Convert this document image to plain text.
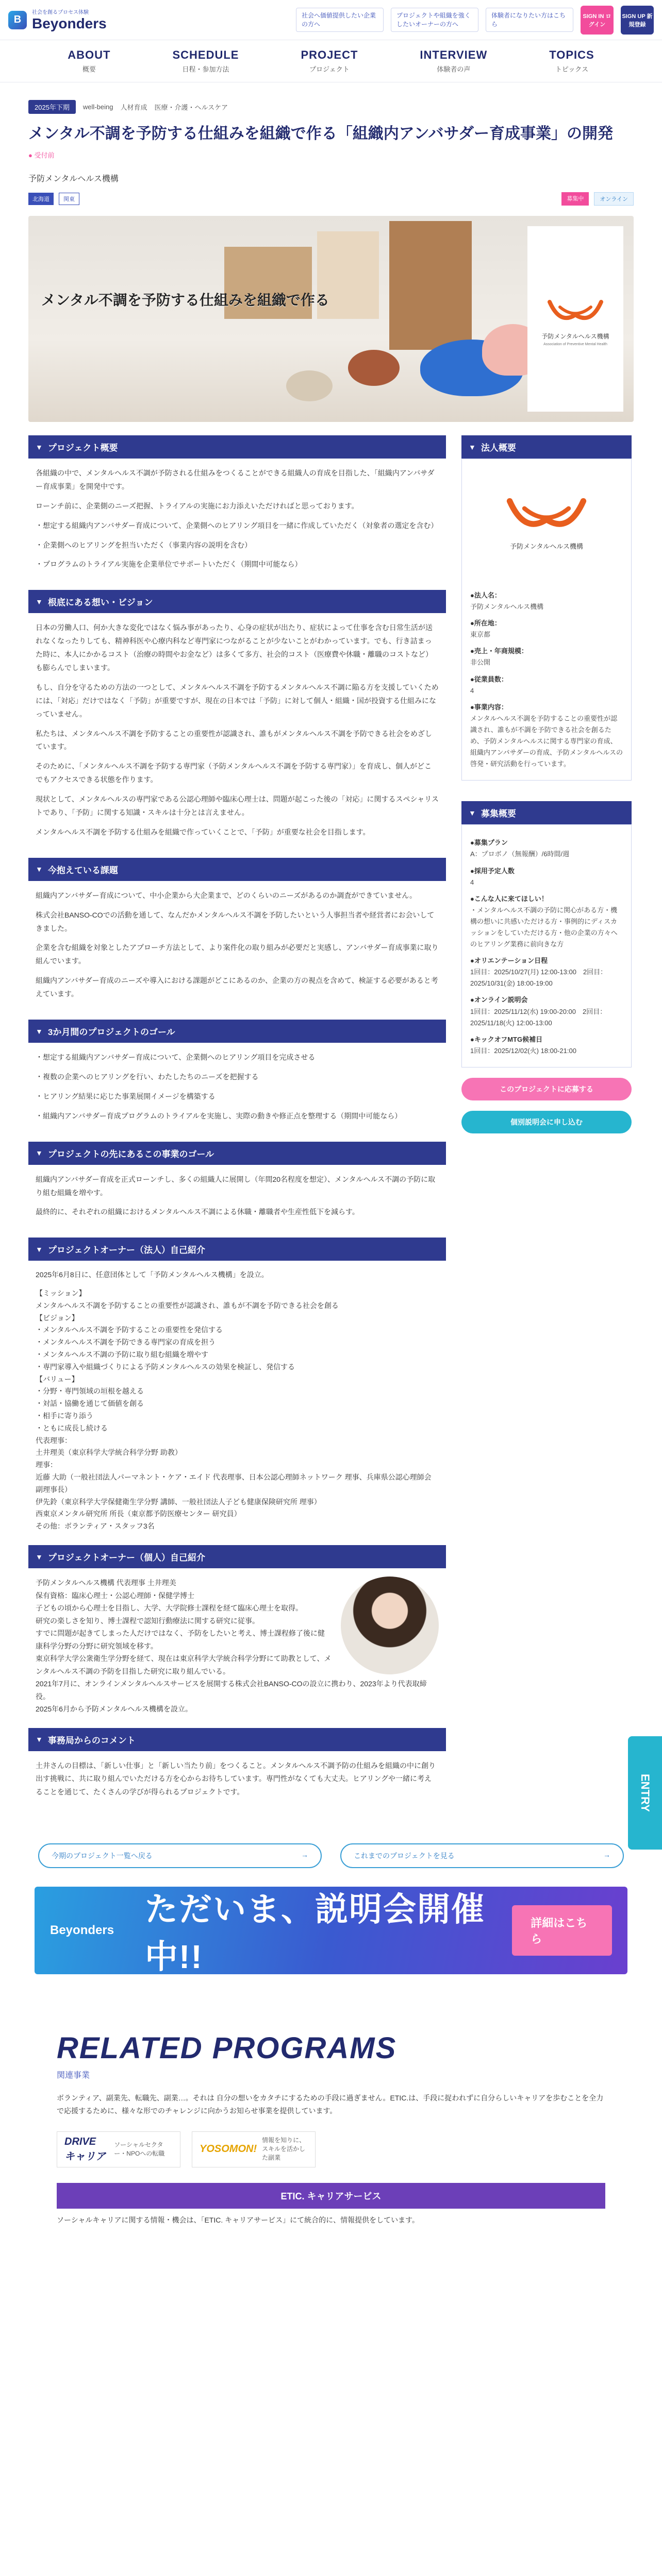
B
社会を創るプロセス体験
Beyonders	社会へ価値提供したい企業の方へ
プロジェクトや組織を強くしたいオーナーの方へ
体験者になりたい方はこちら
SIGN IN ログイン
SIGN UP 新規登録
ABOUT
概要
SCHEDULE
日程・参加方法
PROJECT
プロジェクト
INTERVIEW
体験者の声
TOPICS
トピックス
2025年下期	well-being 人材育成 医療・介護・ヘルスケア
メンタル不調を予防する仕組みを組織で作る「組織内アンバサダー育成事業」の開発
● 受付前
予防メンタルヘルス機構
北海道	関東	募集中	オンライン
メンタル不調を予防する仕組みを組織で作る
予防メンタルヘルス機構
Association of Preventive Mental Health
▼ プロジェクト概要

各組織の中で、メンタルヘルス不調が予防される仕組みをつくることができる組織人の育成を目指した、「組織内アンバサダー育成事業」を開発中です。

ローンチ前に、企業側のニーズ把握、トライアルの実施にお力添えいただければと思っております。

・想定する組織内アンバサダー育成について、企業側へのヒアリング項目を一緒に作成していただく（対象者の選定を含む）

・企業側へのヒアリングを担当いただく（事業内容の説明を含む）

・プログラムのトライアル実施を企業単位でサポートいただく（期間中可能なら）

▼ 根底にある想い・ビジョン

日本の労働人口、何か大きな変化ではなく悩み事があったり、心身の症状が出たり、症状によって仕事を含む日常生活が送れなくなったりしても、精神科医や心療内科など専門家につながることが少ないことがわかっています。でも、行き詰まった時に、本人にかかるコスト（治療の時間やお金など）は多くて多方、社会的コスト（医療費や休職・離職のコストなど）も膨らんでしまいます。

もし、自分を守るための方法の一つとして、メンタルヘルス不調を予防するメンタルヘルス不調に陥る方を支援していくためには、「対応」だけではなく「予防」が重要ですが、現在の日本では「予防」に対して個人・組織・国が投資する仕組みになっていません。

私たちは、メンタルヘルス不調を予防することの重要性が認識され、誰もがメンタルヘルス不調を予防できる社会をめざしています。

そのために、「メンタルヘルス不調を予防する専門家（予防メンタルヘルス不調を予防する専門家）」を育成し、個人がどこでもアクセスできる状態を作ります。

現状として、メンタルヘルスの専門家である公認心理師や臨床心理士は、問題が起こった後の「対応」に関するスペシャリストであり、「予防」に関する知識・スキルは十分とは言えません。

メンタルヘルス不調を予防する仕組みを組織で作っていくことで、「予防」が重要な社会を目指します。

▼ 今抱えている課題

組織内アンバサダー育成について、中小企業から大企業まで、どのくらいのニーズがあるのか調査ができていません。

株式会社BANSO-COでの活動を通して、なんだかメンタルヘルス不調を予防したいという人事担当者や経営者にお会いしてきました。

企業を含む組織を対象としたアプローチ方法として、より案件化の取り組みが必要だと実感し、アンバサダー育成事業に取り組んでいます。

組織内アンバサダー育成のニーズや導入における課題がどこにあるのか、企業の方の視点を含めて、検証する必要があると考えています。

▼ 3か月間のプロジェクトのゴール

・想定する組織内アンバサダー育成について、企業側へのヒアリング項目を完成させる

・複数の企業へのヒアリングを行い、わたしたちのニーズを把握する

・ヒアリング結果に応じた事業展開イメージを構築する

・組織内アンバサダー育成プログラムのトライアルを実施し、実際の動きや修正点を整理する（期間中可能なら）

▼ プロジェクトの先にあるこの事業のゴール

組織内アンバサダー育成を正式ローンチし、多くの組織人に展開し（年間20名程度を想定）、メンタルヘルス不調の予防に取り組む組織を増やす。

最終的に、それぞれの組織におけるメンタルヘルス不調による休職・離職者や生産性低下を減らす。

▼ プロジェクトオーナー（法人）自己紹介

2025年6月8日に、任意団体として「予防メンタルヘルス機構」を設立。

【ミッション】
メンタルヘルス不調を予防することの重要性が認識され、誰もが不調を予防できる社会を創る
【ビジョン】
・メンタルヘルス不調を予防することの重要性を発信する
・メンタルヘルス不調を予防できる専門家の育成を担う
・メンタルヘルス不調の予防に取り組む組織を増やす
・専門家導入や組織づくりによる予防メンタルヘルスの効果を検証し、発信する
【バリュー】
・分野・専門領域の垣根を越える
・対話・協働を通じて価値を創る
・相手に寄り添う
・ともに成長し続ける
代表理事：
土井理美（東京科学大学統合科学分野 助教）
理事：
近藤 大助（一般社団法人パーマネント・ケア・エイド 代表理事、日本公認心理師ネットワーク 理事、兵庫県公認心理師会 副理事長）
伊先鈴（東京科学大学保健衛生学分野 講師、一般社団法人子ども健康保険研究所 理事）
西東京メンタル研究所 所長（東京都予防医療センター 研究員）
その他：ボランティア・スタッフ3名
▼ プロジェクトオーナー（個人）自己紹介
予防メンタルヘルス機構 代表理事 土井理美
保有資格：臨床心理士・公認心理師・保健学博士
子どもの頃から心理士を目指し、大学、大学院修士課程を経て臨床心理士を取得。
研究の楽しさを知り、博士課程で認知行動療法に関する研究に従事。
すでに問題が起きてしまった人だけではなく、予防をしたいと考え、博士課程修了後に健康科学分野の分野に研究領域を移す。
東京科学大学公衆衛生学分野を経て、現在は東京科学大学統合科学分野にて助教として、メンタルヘルス不調の予防を目指した研究に取り組んでいる。
2021年7月に、オンラインメンタルヘルスサービスを展開する株式会社BANSO-COの設立に携わり、2023年より代表取締役。
2025年6月から予防メンタルヘルス機構を設立。
▼ 事務局からのコメント

土井さんの目標は、「新しい仕事」と「新しい当たり前」をつくること。メンタルヘルス不調予防の仕組みを組織の中に創り出す挑戦に、共に取り組んでいただける方を心からお待ちしています。専門性がなくても大丈夫。ヒアリングや一緒に考えることを通じて、たくさんの学びが得られるプロジェクトです。

▼ 法人概要
予防メンタルヘルス機構
●法人名：
予防メンタルヘルス機構
●所在地：
東京都
●売上・年商規模：
非公開
●従業員数：
4
●事業内容：
メンタルヘルス不調を予防することの重要性が認識され、誰もが不調を予防できる社会を創るため、予防メンタルヘルスに関する専門家の育成、組織内アンバサダーの育成、予防メンタルヘルスの啓発・研究活動を行っています。
▼ 募集概要
●募集プラン
A：プロボノ（無報酬）/6時間/週
●採用予定人数
4
●こんな人に来てほしい！
・メンタルヘルス不調の予防に関心がある方・機構の想いに共感いただける方・事例的にディスカッションをしていただける方・他の企業の方々へのヒアリング業務に前向きな方
●オリエンテーション日程
1回目：2025/10/27(月) 12:00-13:00　2回目：2025/10/31(金) 18:00-19:00
●オンライン説明会
1回目：2025/11/12(水) 19:00-20:00　2回目：2025/11/18(火) 12:00-13:00
●キックオフMTG候補日
1回目：2025/12/02(火) 18:00-21:00
このプロジェクトに応募する
個別説明会に申し込む
ENTRY
今期のプロジェクト一覧へ戻る	→	これまでのプロジェクトを見る	→
Beyonders
ただいま、説明会開催中!!
詳細はこちら
RELATED PROGRAMS
関連事業

ボランティア、副業先、転職先、副業…。それは 自分の想いをカタチにするための手段に過ぎません。ETIC.は、手段に捉われずに自分らしいキャリアを歩むことを全力で応援するために、様々な形でのチャレンジに向かうお知らせ事業を提供しています。

DRIVE キャリア
ソーシャルセクター・NPOへの転職	YOSOMON!
情報を知りに、スキルを活かした副業
ETIC. キャリアサービス

ソーシャルキャリアに関する情報・機会は、「ETIC. キャリアサービス」にて統合的に、情報提供をしています。
